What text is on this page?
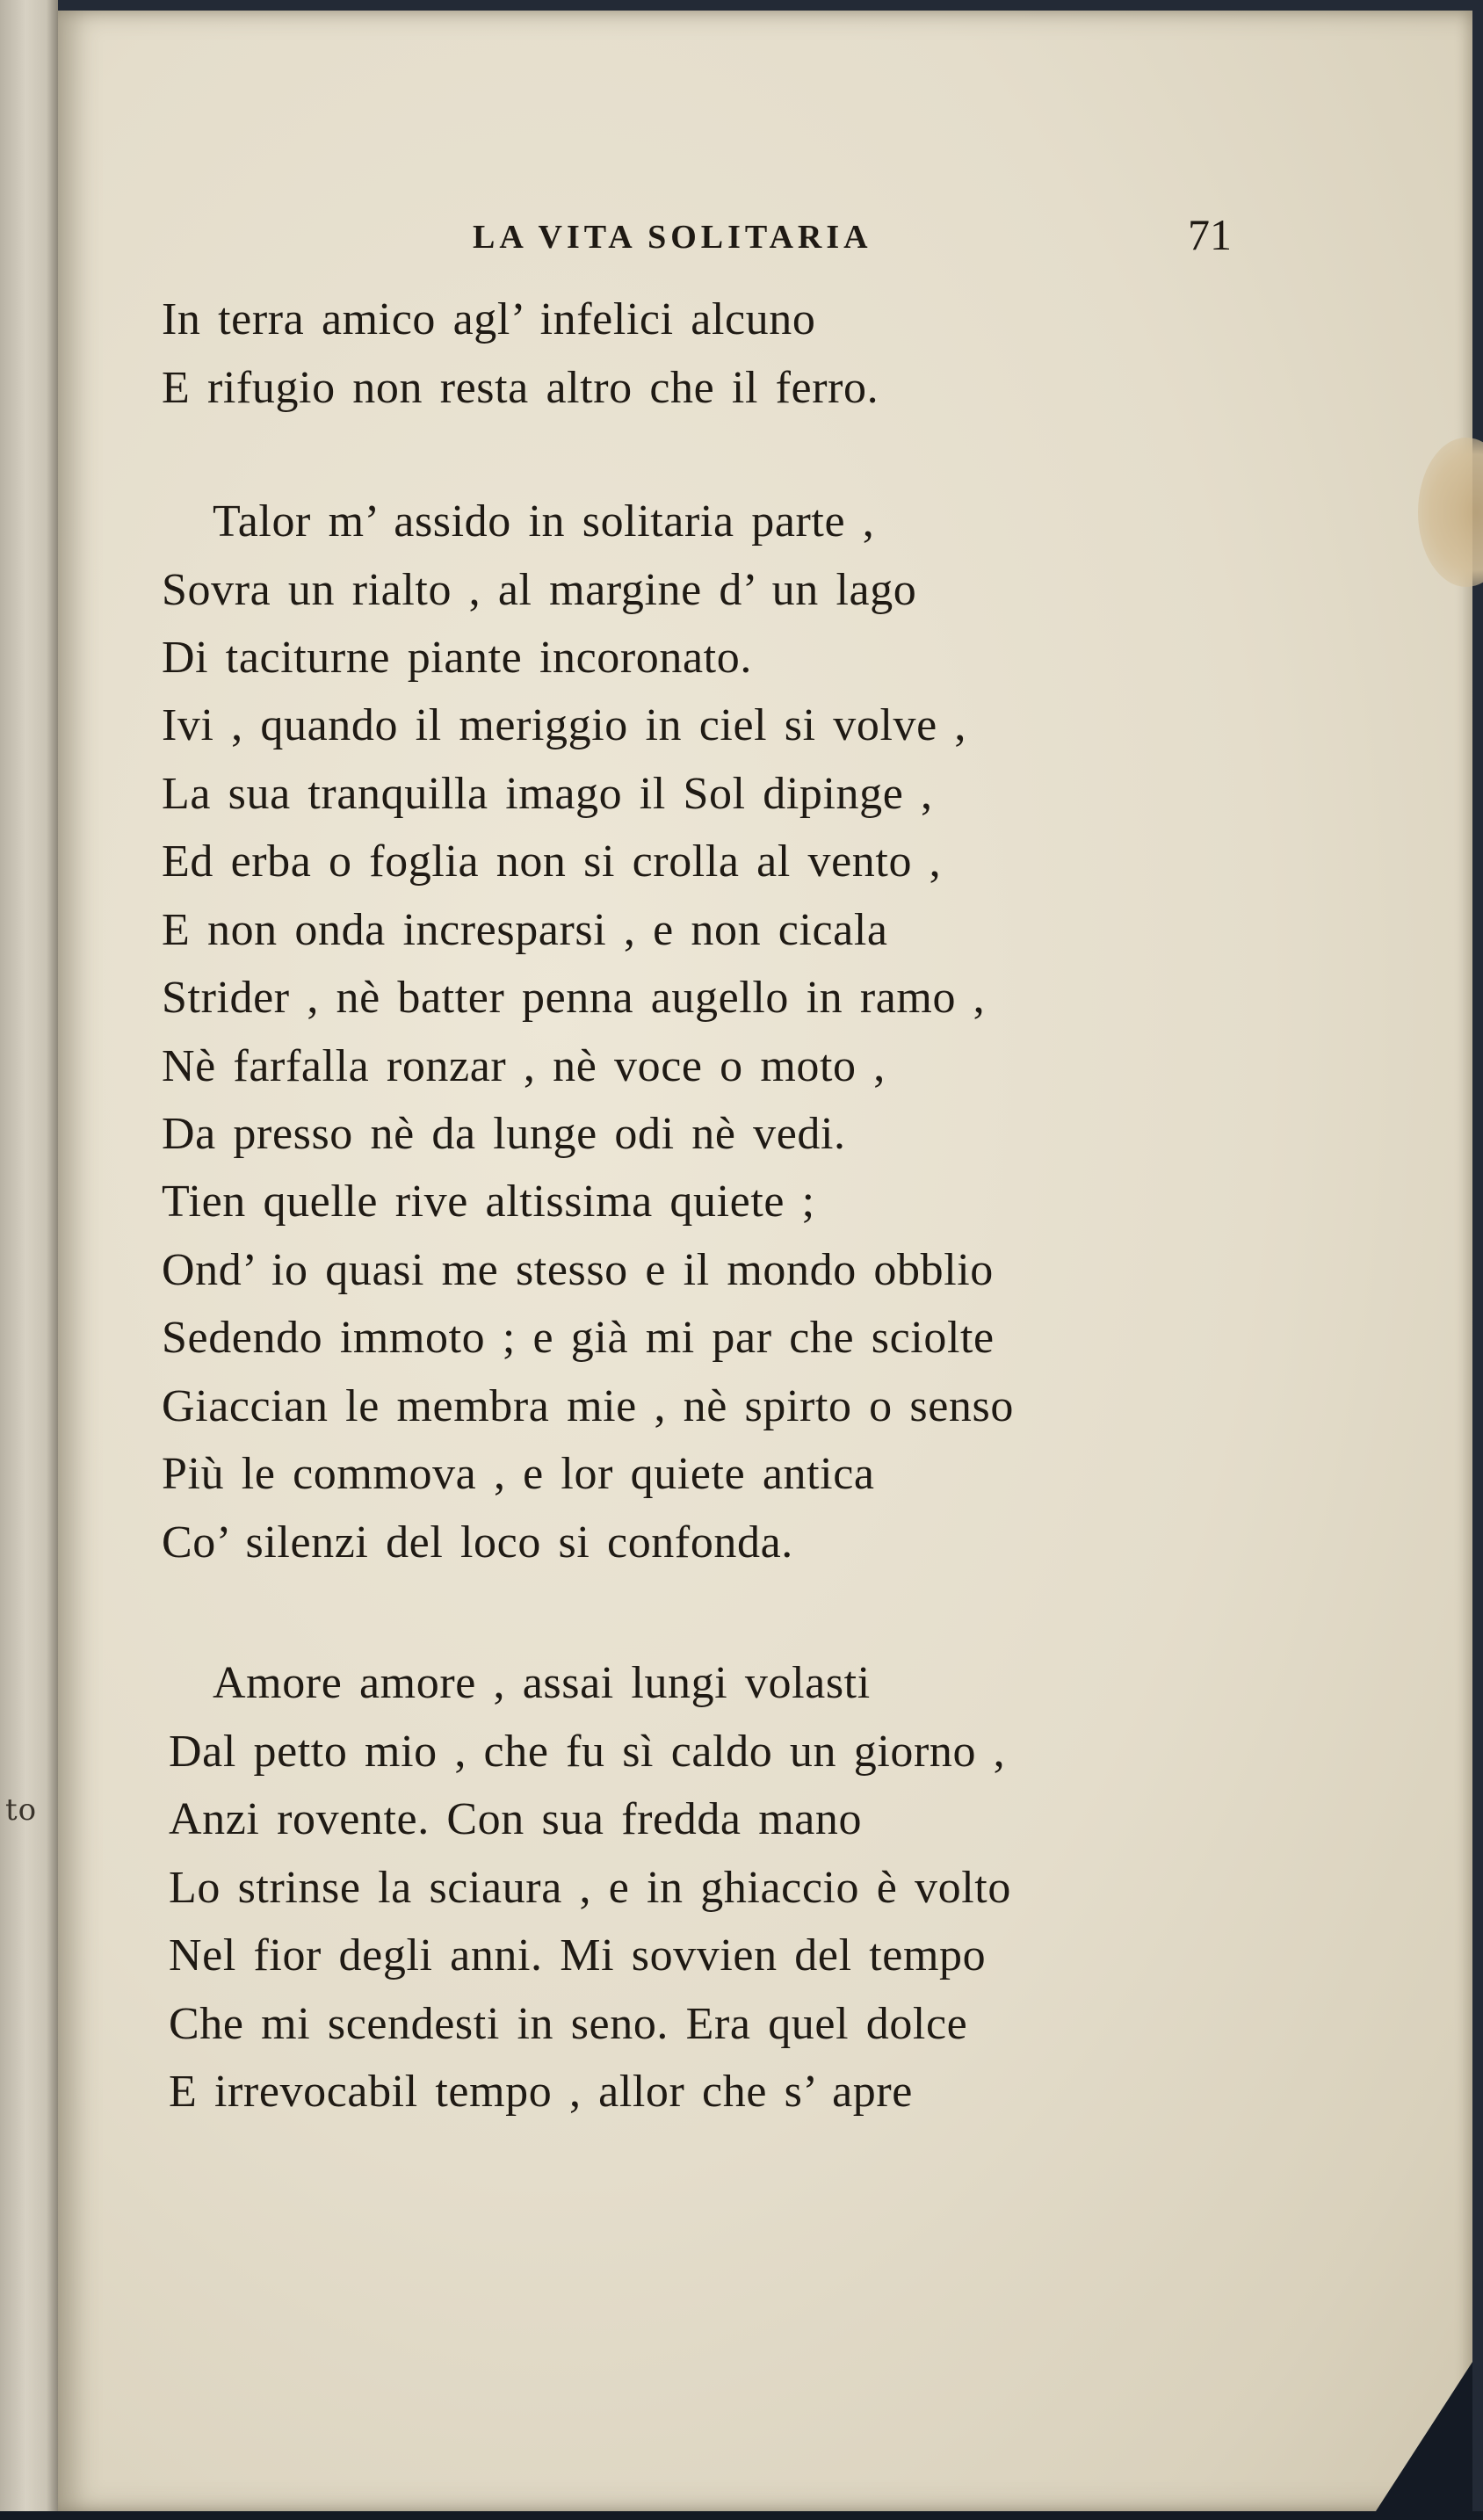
to
LA VITA SOLITARIA	71
In terra amico agl’ infelici alcuno
E rifugio non resta altro che il ferro.
Talor m’ assido in solitaria parte ,
Sovra un rialto , al margine d’ un lago
Di taciturne piante incoronato.
Ivi , quando il meriggio in ciel si volve ,
La sua tranquilla imago il Sol dipinge ,
Ed erba o foglia non si crolla al vento ,
E non onda incresparsi , e non cicala
Strider , nè batter penna augello in ramo ,
Nè farfalla ronzar , nè voce o moto ,
Da presso nè da lunge odi nè vedi.
Tien quelle rive altissima quiete ;
Ond’ io quasi me stesso e il mondo obblio
Sedendo immoto ; e già mi par che sciolte
Giaccian le membra mie , nè spirto o senso
Più le commova , e lor quiete antica
Co’ silenzi del loco si confonda.
Amore amore , assai lungi volasti
Dal petto mio , che fu sì caldo un giorno ,
Anzi rovente. Con sua fredda mano
Lo strinse la sciaura , e in ghiaccio è volto
Nel fior degli anni. Mi sovvien del tempo
Che mi scendesti in seno. Era quel dolce
E irrevocabil tempo , allor che s’ apre
